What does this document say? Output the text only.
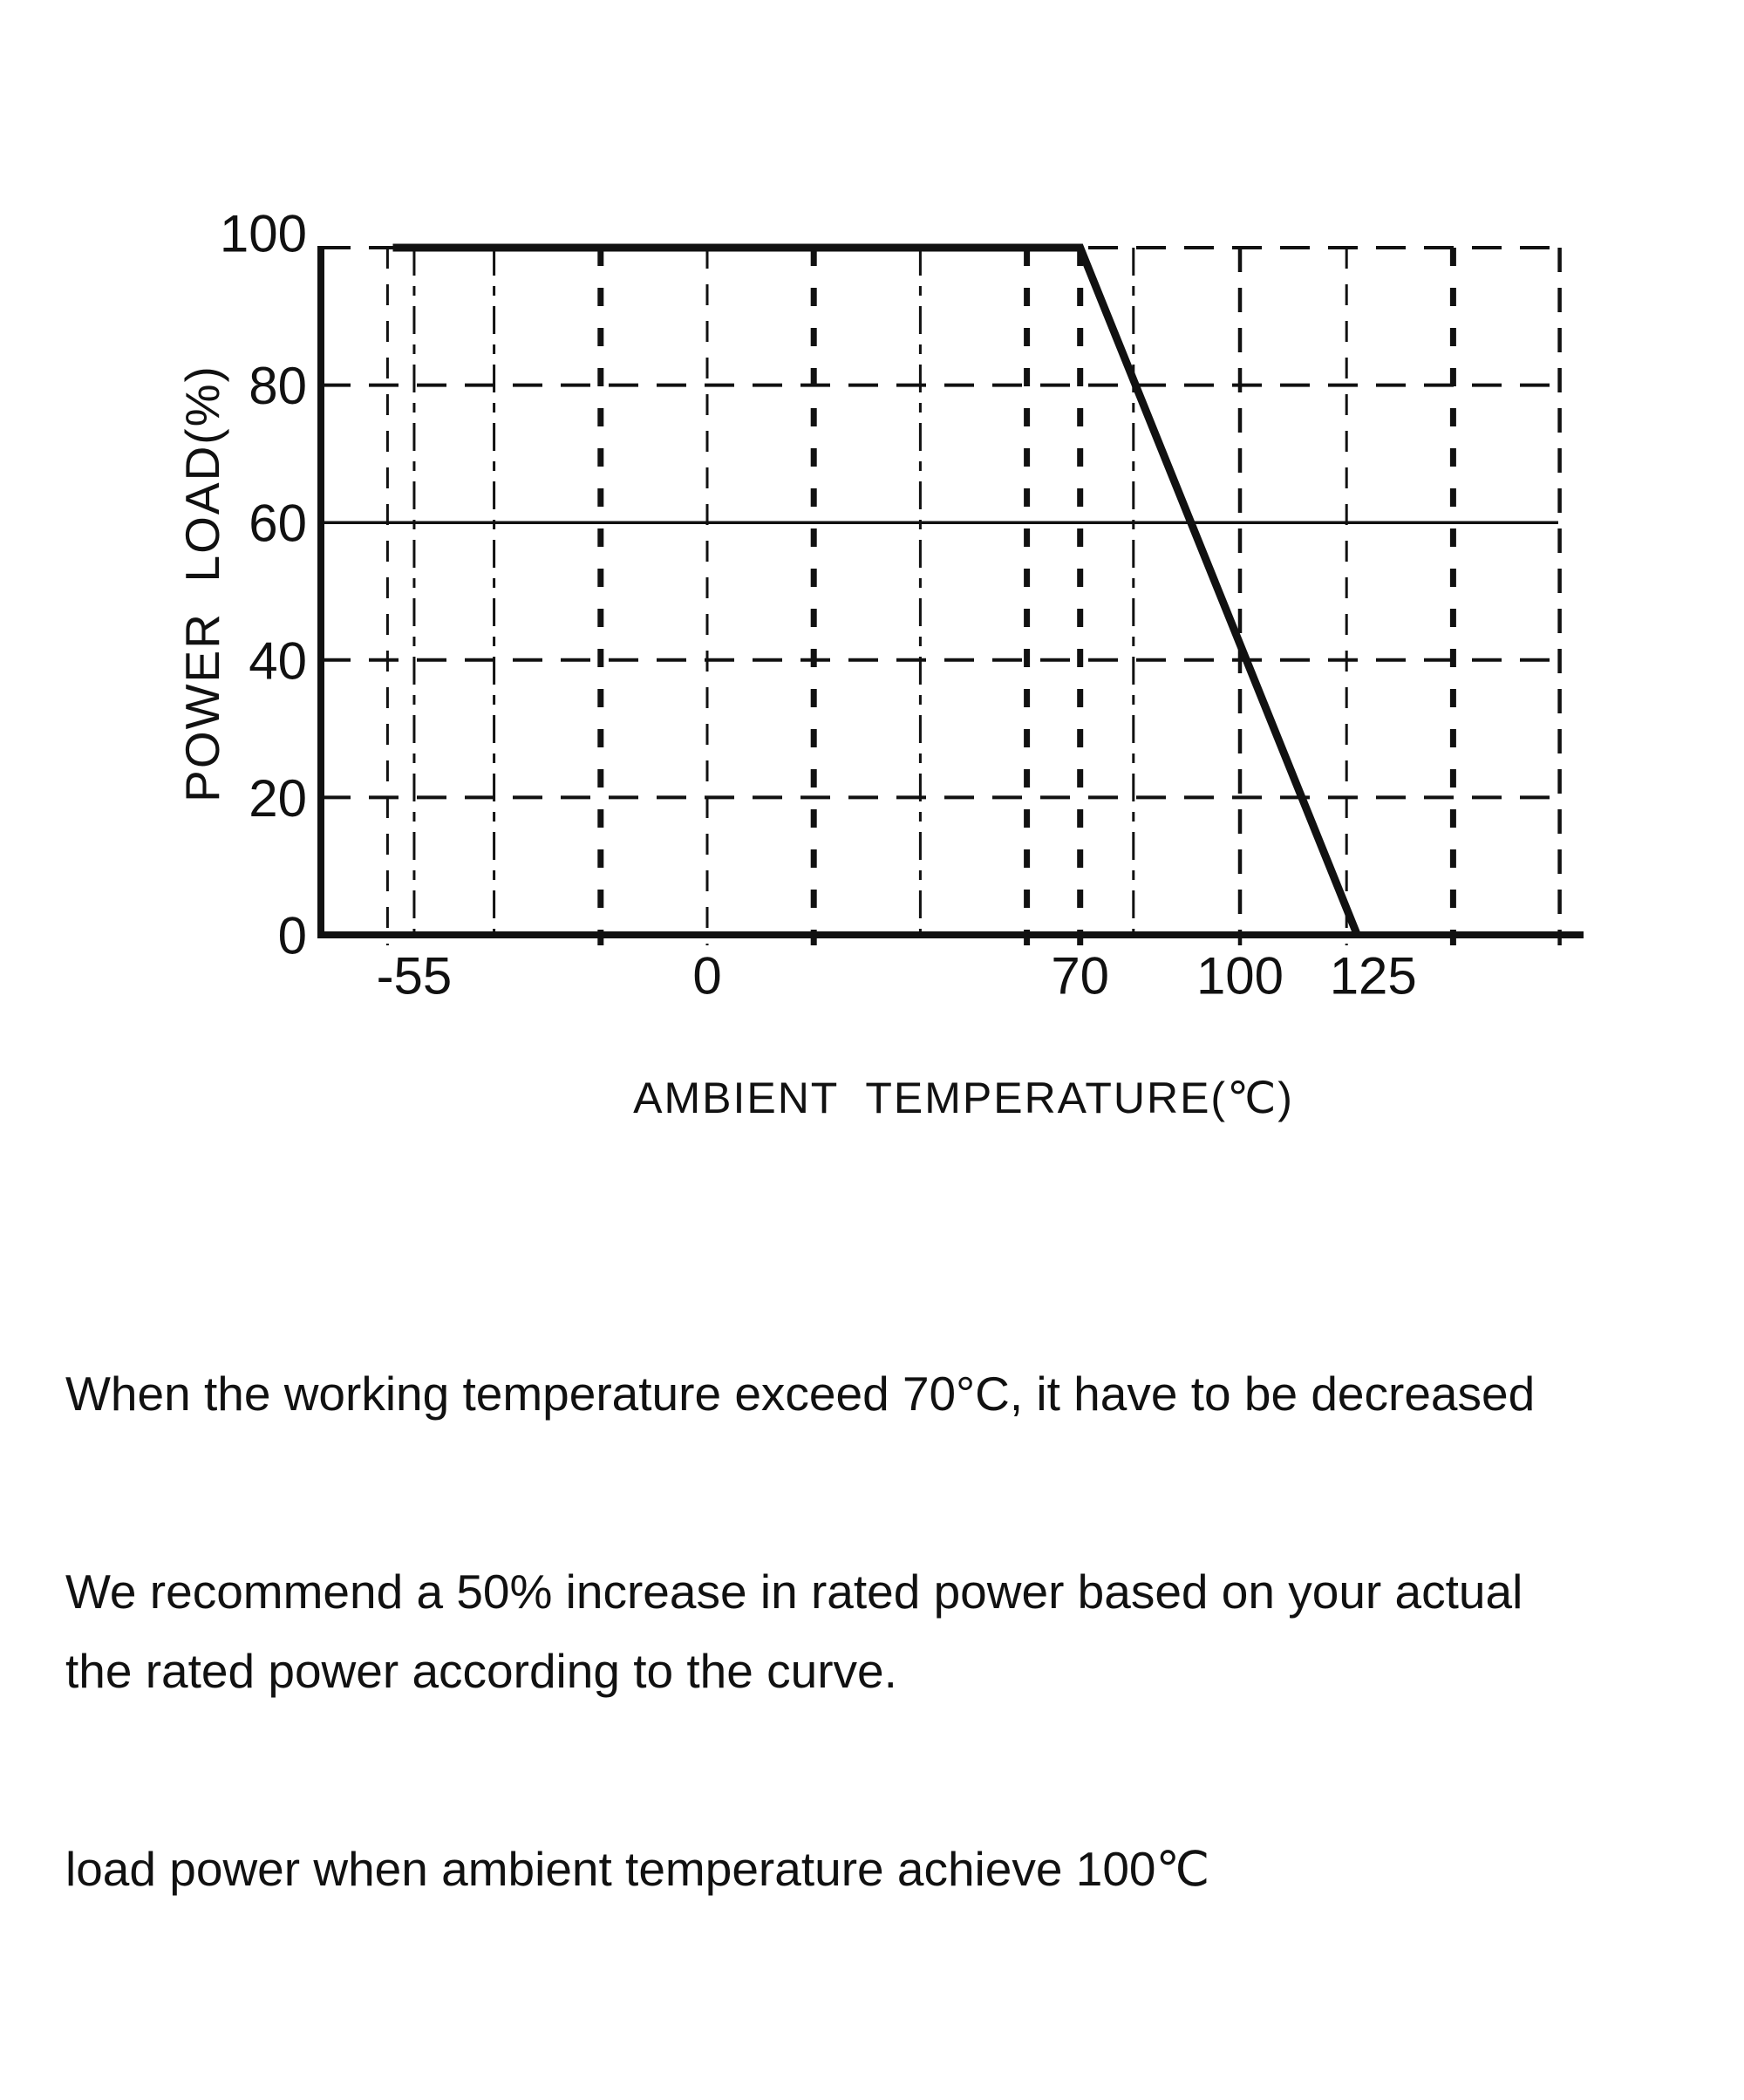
100
80
60
40
20
0
-55	0	70 100 125
AMBIENT  TEMPERATURE(℃)
POWER  LOAD(%)

When the working temperature exceed 70°C, it have to be decreased

the rated power according to the curve.

We recommend a 50% increase in rated power based on your actual

load power when ambient temperature achieve 100℃
